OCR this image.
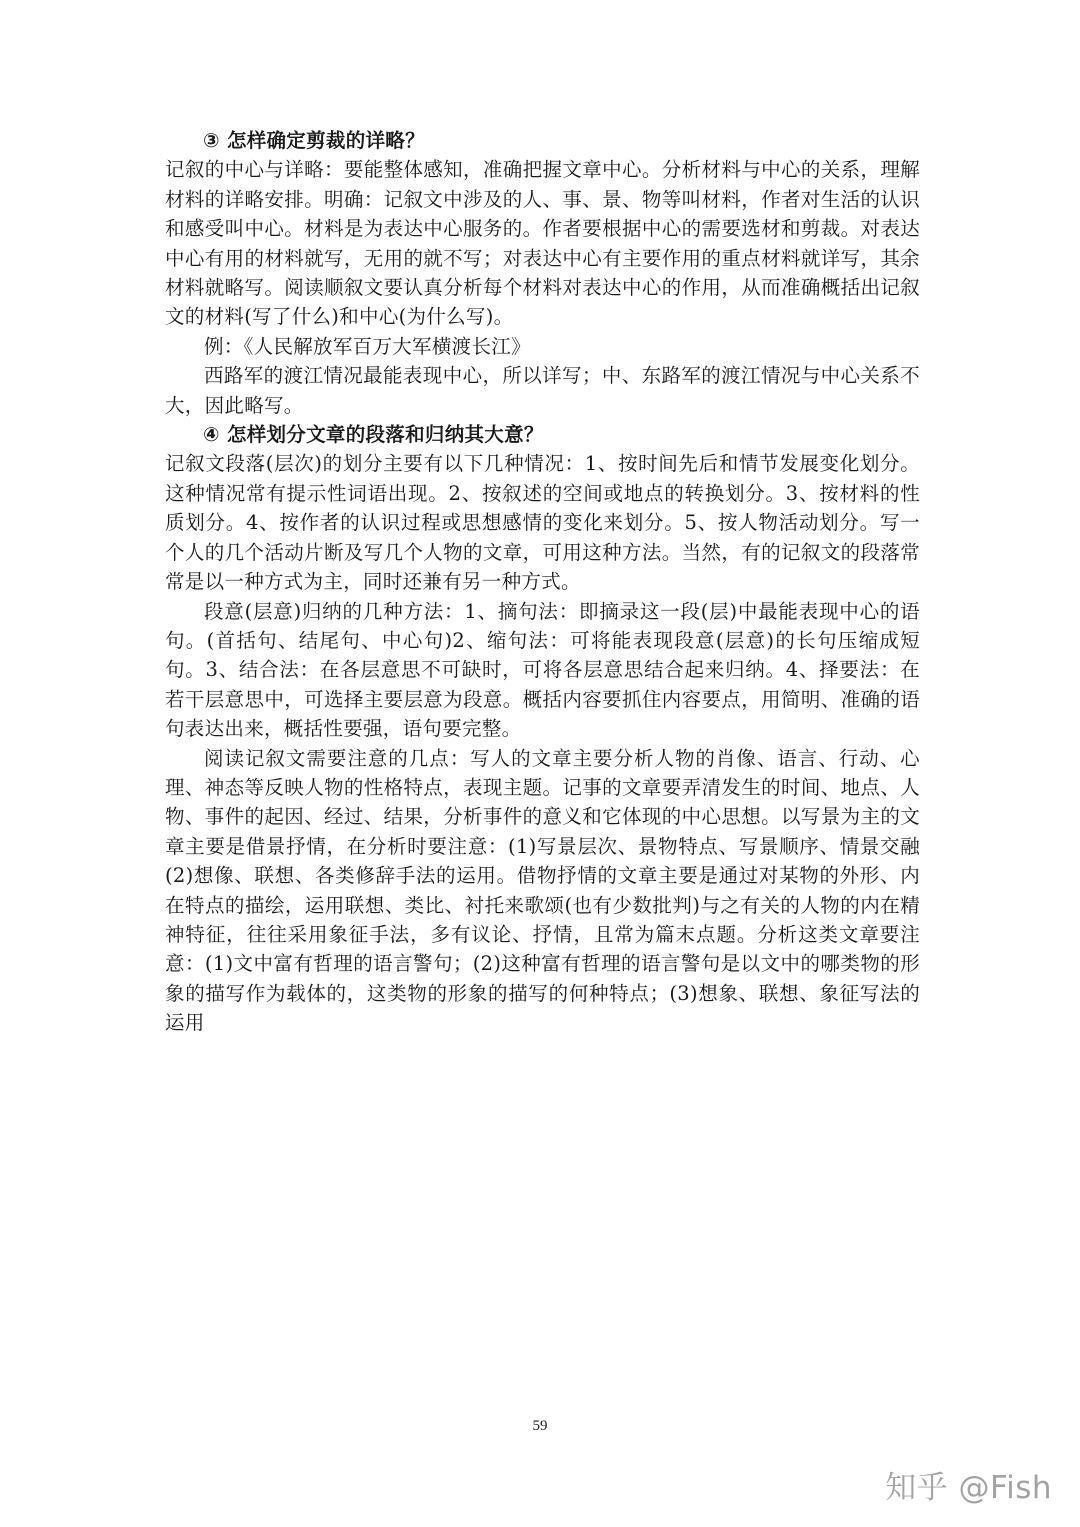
③ 怎样确定剪裁的详略？

记叙的中心与详略：要能整体感知，准确把握文章中心。分析材料与中心的关系，理解材料的详略安排。明确：记叙文中涉及的人、事、景、物等叫材料，作者对生活的认识和感受叫中心。材料是为表达中心服务的。作者要根据中心的需要选材和剪裁。对表达中心有用的材料就写，无用的就不写；对表达中心有主要作用的重点材料就详写，其余材料就略写。阅读顺叙文要认真分析每个材料对表达中心的作用，从而准确概括出记叙文的材料(写了什么)和中心(为什么写)。

例：《人民解放军百万大军横渡长江》

西路军的渡江情况最能表现中心，所以详写；中、东路军的渡江情况与中心关系不大，因此略写。

④ 怎样划分文章的段落和归纳其大意？

记叙文段落(层次)的划分主要有以下几种情况：1、按时间先后和情节发展变化划分。这种情况常有提示性词语出现。2、按叙述的空间或地点的转换划分。3、按材料的性质划分。4、按作者的认识过程或思想感情的变化来划分。5、按人物活动划分。写一个人的几个活动片断及写几个人物的文章，可用这种方法。当然，有的记叙文的段落常常是以一种方式为主，同时还兼有另一种方式。

段意(层意)归纳的几种方法：1、摘句法：即摘录这一段(层)中最能表现中心的语句。(首括句、结尾句、中心句)2、缩句法：可将能表现段意(层意)的长句压缩成短句。3、结合法：在各层意思不可缺时，可将各层意思结合起来归纳。4、择要法：在若干层意思中，可选择主要层意为段意。概括内容要抓住内容要点，用简明、准确的语句表达出来，概括性要强，语句要完整。

阅读记叙文需要注意的几点：写人的文章主要分析人物的肖像、语言、行动、心理、神态等反映人物的性格特点，表现主题。记事的文章要弄清发生的时间、地点、人物、事件的起因、经过、结果，分析事件的意义和它体现的中心思想。以写景为主的文章主要是借景抒情，在分析时要注意：(1)写景层次、景物特点、写景顺序、情景交融(2)想像、联想、各类修辞手法的运用。借物抒情的文章主要是通过对某物的外形、内在特点的描绘，运用联想、类比、衬托来歌颂(也有少数批判)与之有关的人物的内在精神特征，往往采用象征手法，多有议论、抒情，且常为篇末点题。分析这类文章要注意：(1)文中富有哲理的语言警句；(2)这种富有哲理的语言警句是以文中的哪类物的形象的描写作为载体的，这类物的形象的描写的何种特点；(3)想象、联想、象征写法的运用

59
知乎 @Fish
